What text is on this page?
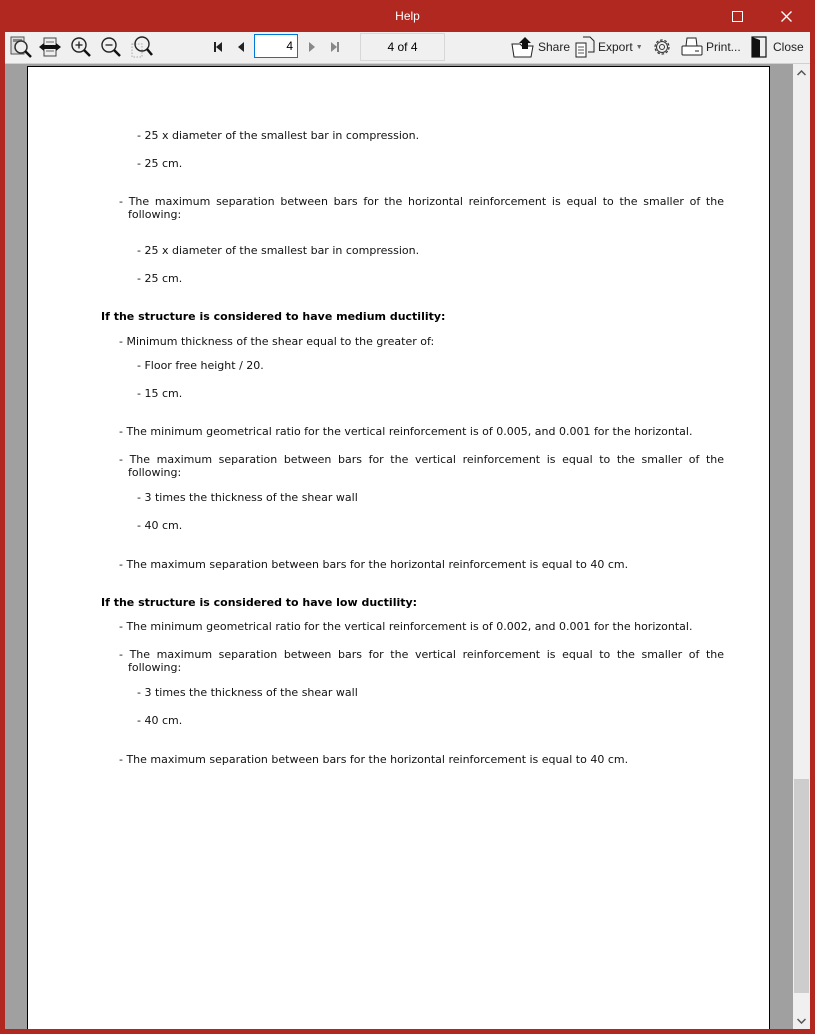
Help
4	4 of 4	Share Export ▼	Print...	Close
- 25 x diameter of the smallest bar in compression.
- 25 cm.
- The maximum separation between bars for the horizontal reinforcement is equal to the smaller of the following:
- 25 x diameter of the smallest bar in compression.
- 25 cm.
If the structure is considered to have medium ductility:
- Minimum thickness of the shear equal to the greater of:
- Floor free height / 20.
- 15 cm.
- The minimum geometrical ratio for the vertical reinforcement is of 0.005, and 0.001 for the horizontal.
- The maximum separation between bars for the vertical reinforcement is equal to the smaller of the following:
- 3 times the thickness of the shear wall
- 40 cm.
- The maximum separation between bars for the horizontal reinforcement is equal to 40 cm.
If the structure is considered to have low ductility:
- The minimum geometrical ratio for the vertical reinforcement is of 0.002, and 0.001 for the horizontal.
- The maximum separation between bars for the vertical reinforcement is equal to the smaller of the following:
- 3 times the thickness of the shear wall
- 40 cm.
- The maximum separation between bars for the horizontal reinforcement is equal to 40 cm.
